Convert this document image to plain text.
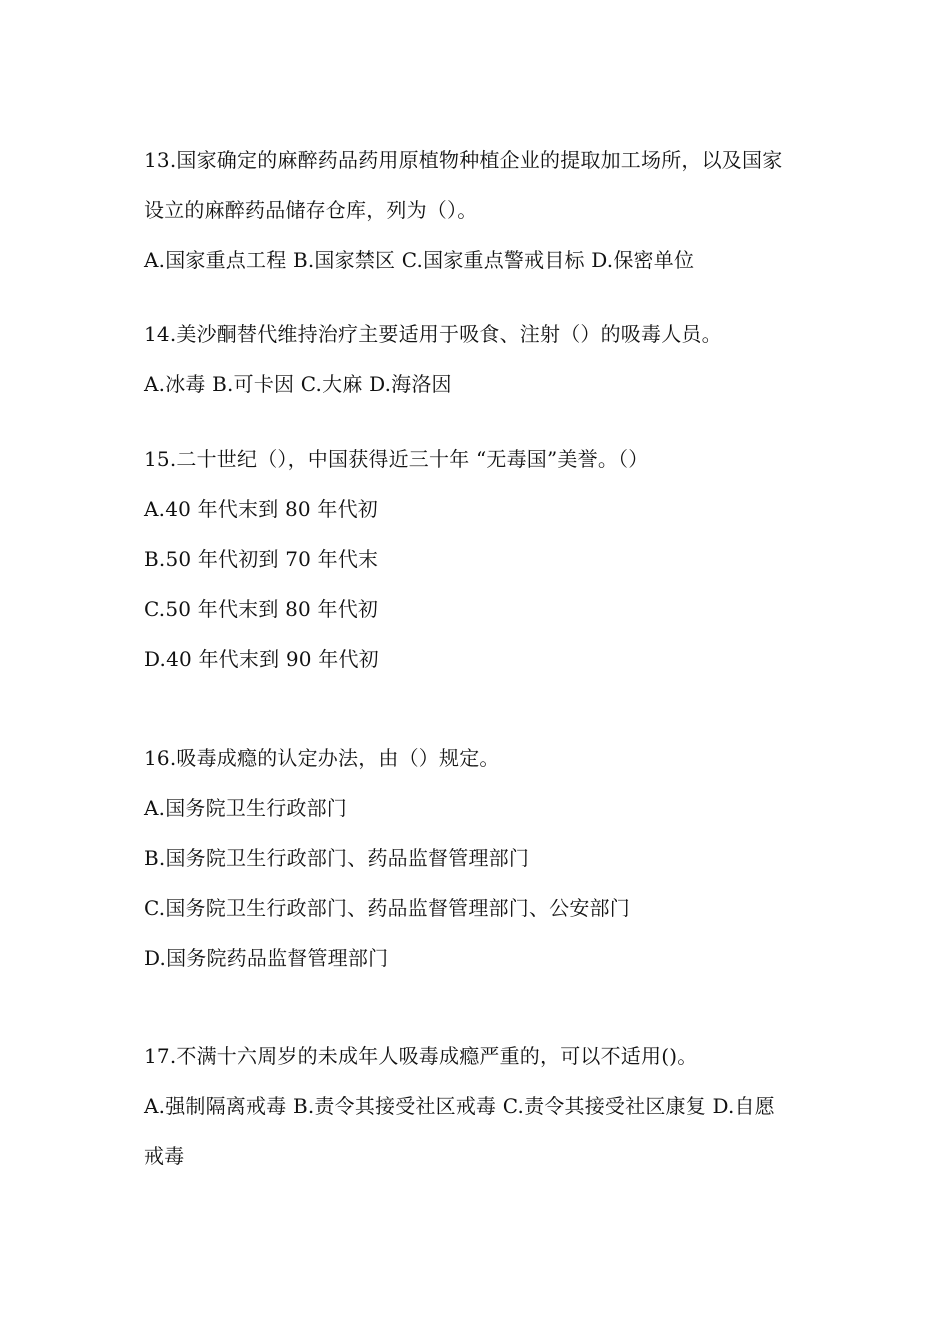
13.国家确定的麻醉药品药用原植物种植企业的提取加工场所，以及国家
设立的麻醉药品储存仓库，列为（）。
A.国家重点工程 B.国家禁区 C.国家重点警戒目标 D.保密单位
14.美沙酮替代维持治疗主要适用于吸食、注射（）的吸毒人员。
A.冰毒 B.可卡因 C.大麻 D.海洛因
15.二十世纪（），中国获得近三十年 “无毒国”美誉。（）
A.40 年代末到 80 年代初
B.50 年代初到 70 年代末
C.50 年代末到 80 年代初
D.40 年代末到 90 年代初
16.吸毒成瘾的认定办法，由（）规定。
A.国务院卫生行政部门
B.国务院卫生行政部门、药品监督管理部门
C.国务院卫生行政部门、药品监督管理部门、公安部门
D.国务院药品监督管理部门
17.不满十六周岁的未成年人吸毒成瘾严重的，可以不适用()。
A.强制隔离戒毒 B.责令其接受社区戒毒 C.责令其接受社区康复 D.自愿
戒毒
